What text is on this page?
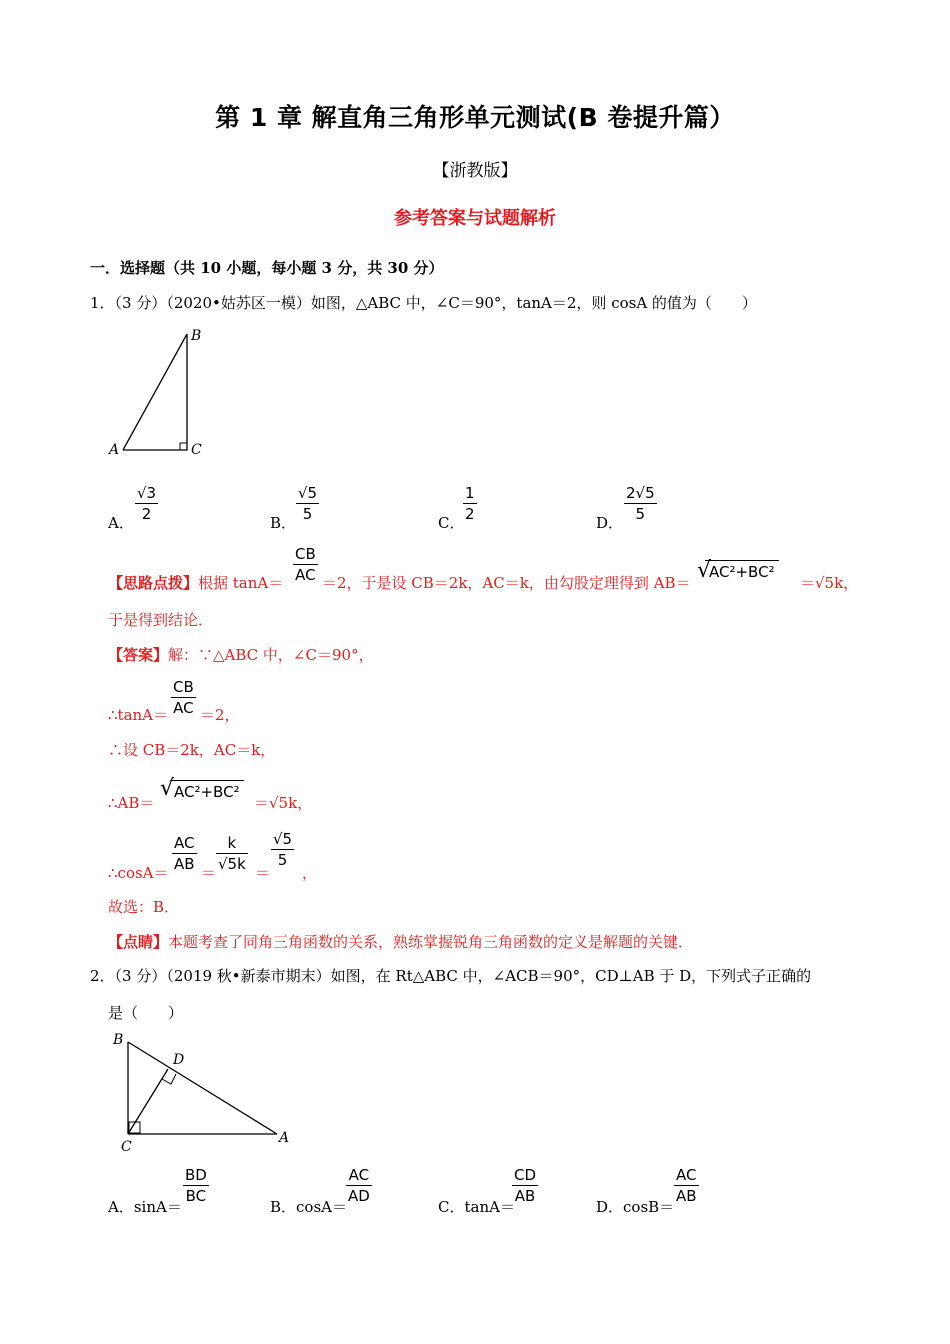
第 1 章 解直角三角形单元测试(B 卷提升篇）
【浙教版】
参考答案与试题解析
一．选择题（共 10 小题，每小题 3 分，共 30 分）
1．（3 分）（2020•姑苏区一模）如图，△ABC 中，∠C＝90°，tanA＝2，则 cosA 的值为（　　）
B
A	C
A．
√3
2	B．
√5
5	C．
1
2	D．
2√5
5
【思路点拨】根据 tanA＝
CB
AC ＝2，于是设 CB＝2k，AC＝k，由勾股定理得到 AB＝
AC²+BC²
√	＝√5k，
于是得到结论．
【答案】解：∵△ABC 中，∠C＝90°，
∴tanA＝
CB
AC ＝2，
∴设 CB＝2k，AC＝k，
∴AB＝
√ AC²+BC²
＝√5k，
∴cosA＝
AC
AB ＝
k
√5k ＝
√5
5
，
故选：B．
【点睛】本题考查了同角三角函数的关系，熟练掌握锐角三角函数的定义是解题的关键．
2．（3 分）（2019 秋•新泰市期末）如图，在 Rt△ABC 中，∠ACB＝90°，CD⊥AB 于 D，下列式子正确的
是（　　）
B
D
C
A
A．sinA＝
BD
BC
B．cosA＝
AC
AD
C．tanA＝
CD
AB
D．cosB＝
AC
AB
